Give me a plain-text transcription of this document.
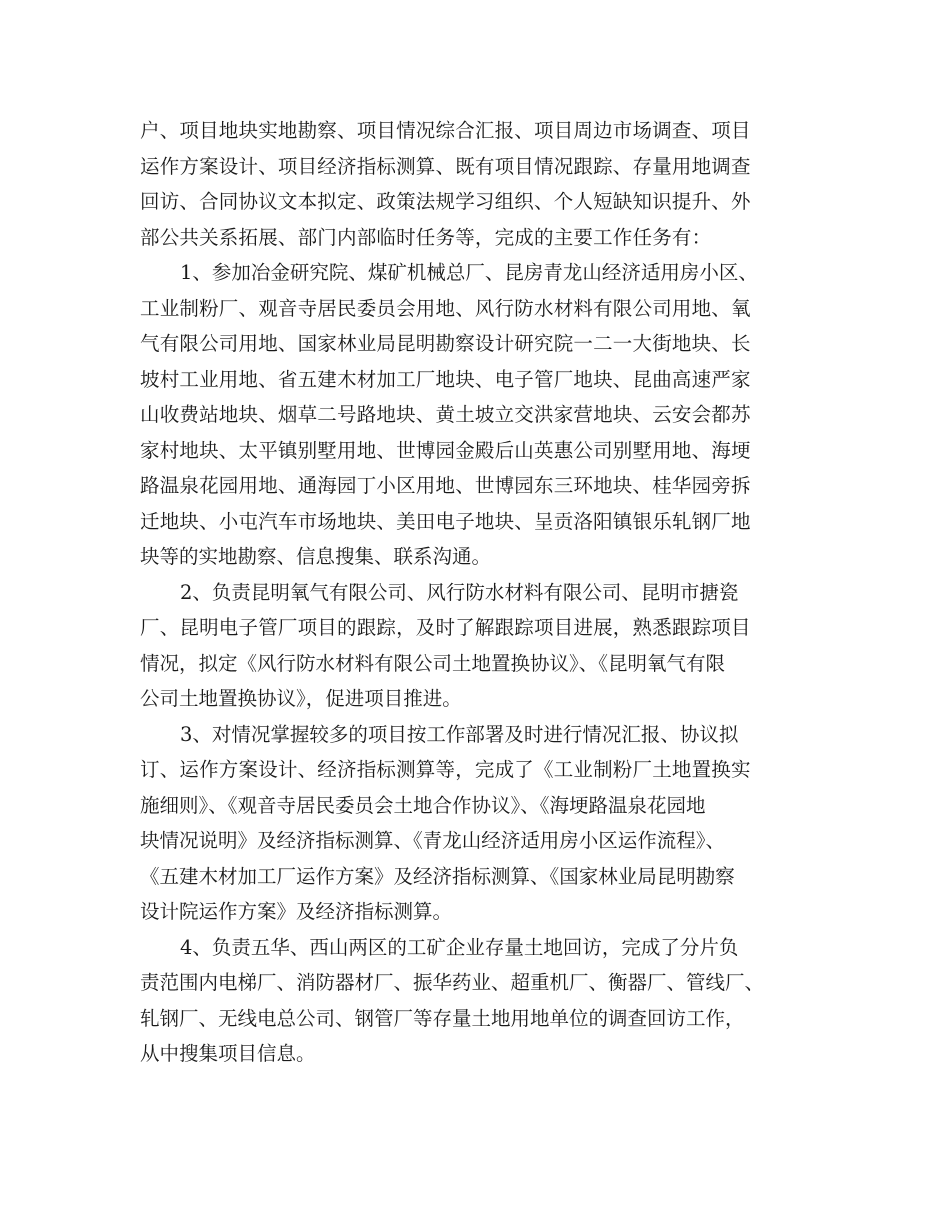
户、项目地块实地勘察、项目情况综合汇报、项目周边市场调查、项目
运作方案设计、项目经济指标测算、既有项目情况跟踪、存量用地调查
回访、合同协议文本拟定、政策法规学习组织、个人短缺知识提升、外
部公共关系拓展、部门内部临时任务等，完成的主要工作任务有：
1、参加冶金研究院、煤矿机械总厂、昆房青龙山经济适用房小区、
工业制粉厂、观音寺居民委员会用地、风行防水材料有限公司用地、氧
气有限公司用地、国家林业局昆明勘察设计研究院一二一大街地块、长
坡村工业用地、省五建木材加工厂地块、电子管厂地块、昆曲高速严家
山收费站地块、烟草二号路地块、黄土坡立交洪家营地块、云安会都苏
家村地块、太平镇别墅用地、世博园金殿后山英惠公司别墅用地、海埂
路温泉花园用地、通海园丁小区用地、世博园东三环地块、桂华园旁拆
迁地块、小屯汽车市场地块、美田电子地块、呈贡洛阳镇银乐轧钢厂地
块等的实地勘察、信息搜集、联系沟通。
2、负责昆明氧气有限公司、风行防水材料有限公司、昆明市搪瓷
厂、昆明电子管厂项目的跟踪，及时了解跟踪项目进展，熟悉跟踪项目
情况，拟定《风行防水材料有限公司土地置换协议》、《昆明氧气有限
公司土地置换协议》，促进项目推进。
3、对情况掌握较多的项目按工作部署及时进行情况汇报、协议拟
订、运作方案设计、经济指标测算等，完成了《工业制粉厂土地置换实
施细则》、《观音寺居民委员会土地合作协议》、《海埂路温泉花园地
块情况说明》及经济指标测算、《青龙山经济适用房小区运作流程》、
《五建木材加工厂运作方案》及经济指标测算、《国家林业局昆明勘察
设计院运作方案》及经济指标测算。
4、负责五华、西山两区的工矿企业存量土地回访，完成了分片负
责范围内电梯厂、消防器材厂、振华药业、超重机厂、衡器厂、管线厂、
轧钢厂、无线电总公司、钢管厂等存量土地用地单位的调查回访工作，
从中搜集项目信息。
